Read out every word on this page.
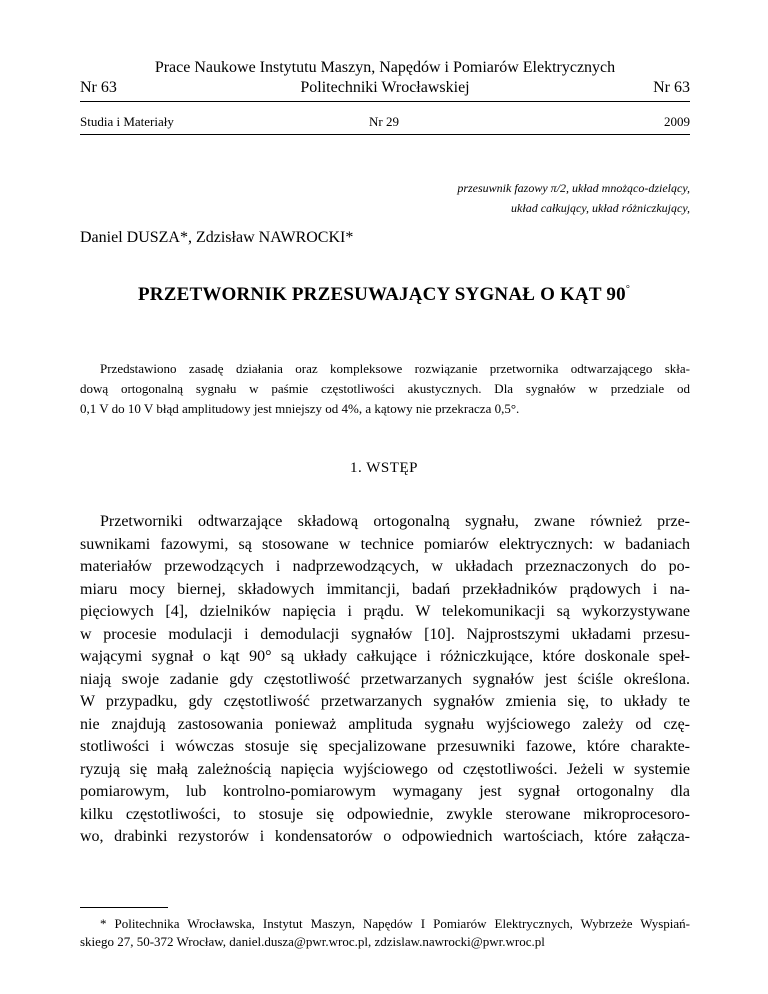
Prace Naukowe Instytutu Maszyn, Napędów i Pomiarów Elektrycznych
Politechniki Wrocławskiej
Nr 63	Nr 63
Studia i Materiały	Nr 29	2009
przesuwnik fazowy π/2, układ mnożąco-dzielący,
układ całkujący, układ różniczkujący,
Daniel DUSZA*, Zdzisław NAWROCKI*
PRZETWORNIK PRZESUWAJĄCY SYGNAŁ O KĄT 90°
Przedstawiono zasadę działania oraz kompleksowe rozwiązanie przetwornika odtwarzającego skła-
dową ortogonalną sygnału w paśmie częstotliwości akustycznych. Dla sygnałów w przedziale od
0,1 V do 10 V błąd amplitudowy jest mniejszy od 4%, a kątowy nie przekracza 0,5°.
1. WSTĘP
Przetworniki odtwarzające składową ortogonalną sygnału, zwane również prze-
suwnikami fazowymi, są stosowane w technice pomiarów elektrycznych: w badaniach
materiałów przewodzących i nadprzewodzących, w układach przeznaczonych do po-
miaru mocy biernej, składowych immitancji, badań przekładników prądowych i na-
pięciowych [4], dzielników napięcia i prądu. W telekomunikacji są wykorzystywane
w procesie modulacji i demodulacji sygnałów [10]. Najprostszymi układami przesu-
wającymi sygnał o kąt 90° są układy całkujące i różniczkujące, które doskonale speł-
niają swoje zadanie gdy częstotliwość przetwarzanych sygnałów jest ściśle określona.
W przypadku, gdy częstotliwość przetwarzanych sygnałów zmienia się, to układy te
nie znajdują zastosowania ponieważ amplituda sygnału wyjściowego zależy od czę-
stotliwości i wówczas stosuje się specjalizowane przesuwniki fazowe, które charakte-
ryzują się małą zależnością napięcia wyjściowego od częstotliwości. Jeżeli w systemie
pomiarowym, lub kontrolno-pomiarowym wymagany jest sygnał ortogonalny dla
kilku częstotliwości, to stosuje się odpowiednie, zwykle sterowane mikroprocesoro-
wo, drabinki rezystorów i kondensatorów o odpowiednich wartościach, które załącza-
* Politechnika Wrocławska, Instytut Maszyn, Napędów I Pomiarów Elektrycznych, Wybrzeże Wyspiań-
skiego 27, 50-372 Wrocław, daniel.dusza@pwr.wroc.pl, zdzislaw.nawrocki@pwr.wroc.pl
